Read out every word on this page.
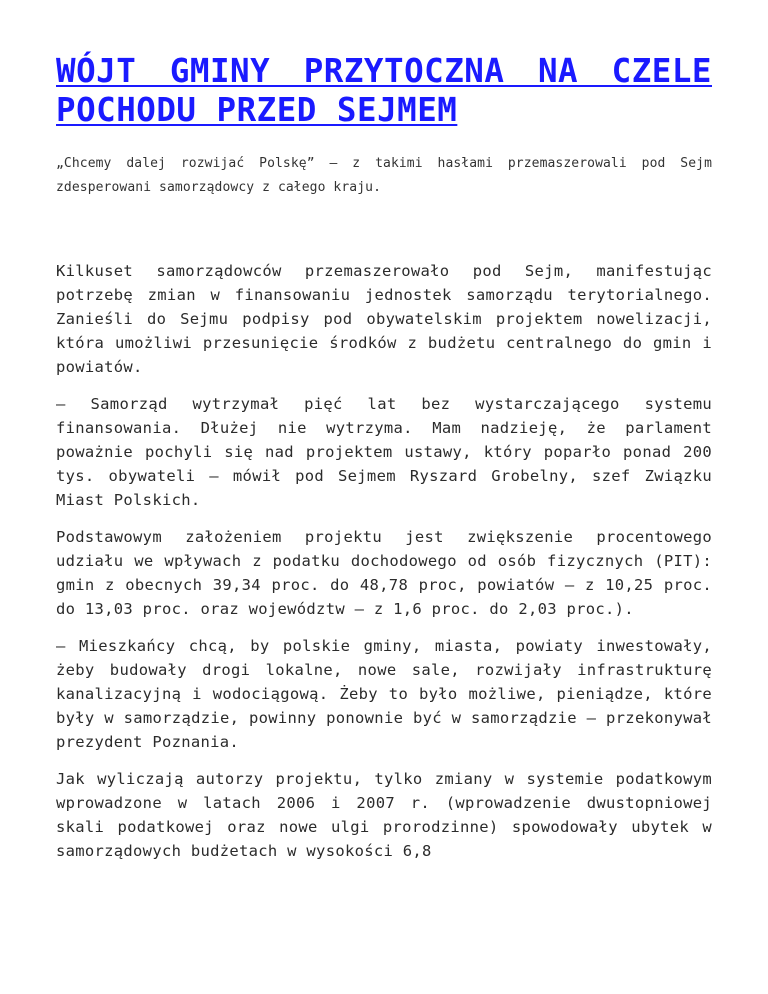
WÓJT GMINY PRZYTOCZNA NA CZELE POCHODU PRZED SEJMEM

„Chcemy dalej rozwijać Polskę” – z takimi hasłami przemaszerowali pod Sejm zdesperowani samorządowcy z całego kraju.

Kilkuset samorządowców przemaszerowało pod Sejm, manifestując potrzebę zmian w finansowaniu jednostek samorządu terytorialnego. Zanieśli do Sejmu podpisy pod obywatelskim projektem nowelizacji, która umożliwi przesunięcie środków z budżetu centralnego do gmin i powiatów.

– Samorząd wytrzymał pięć lat bez wystarczającego systemu finansowania. Dłużej nie wytrzyma. Mam nadzieję, że parlament poważnie pochyli się nad projektem ustawy, który poparło ponad 200 tys. obywateli – mówił pod Sejmem Ryszard Grobelny, szef Związku Miast Polskich.

Podstawowym założeniem projektu jest zwiększenie procentowego udziału we wpływach z podatku dochodowego od osób fizycznych (PIT): gmin z obecnych 39,34 proc. do 48,78 proc, powiatów – z 10,25 proc. do 13,03 proc. oraz województw – z 1,6 proc. do 2,03 proc.).

– Mieszkańcy chcą, by polskie gminy, miasta, powiaty inwestowały, żeby budowały drogi lokalne, nowe sale, rozwijały infrastrukturę kanalizacyjną i wodociągową. Żeby to było możliwe, pieniądze, które były w samorządzie, powinny ponownie być w samorządzie – przekonywał prezydent Poznania.

Jak wyliczają autorzy projektu, tylko zmiany w systemie podatkowym wprowadzone w latach 2006 i 2007 r. (wprowadzenie dwustopniowej skali podatkowej oraz nowe ulgi prorodzinne) spowodowały ubytek w samorządowych budżetach w wysokości 6,8
